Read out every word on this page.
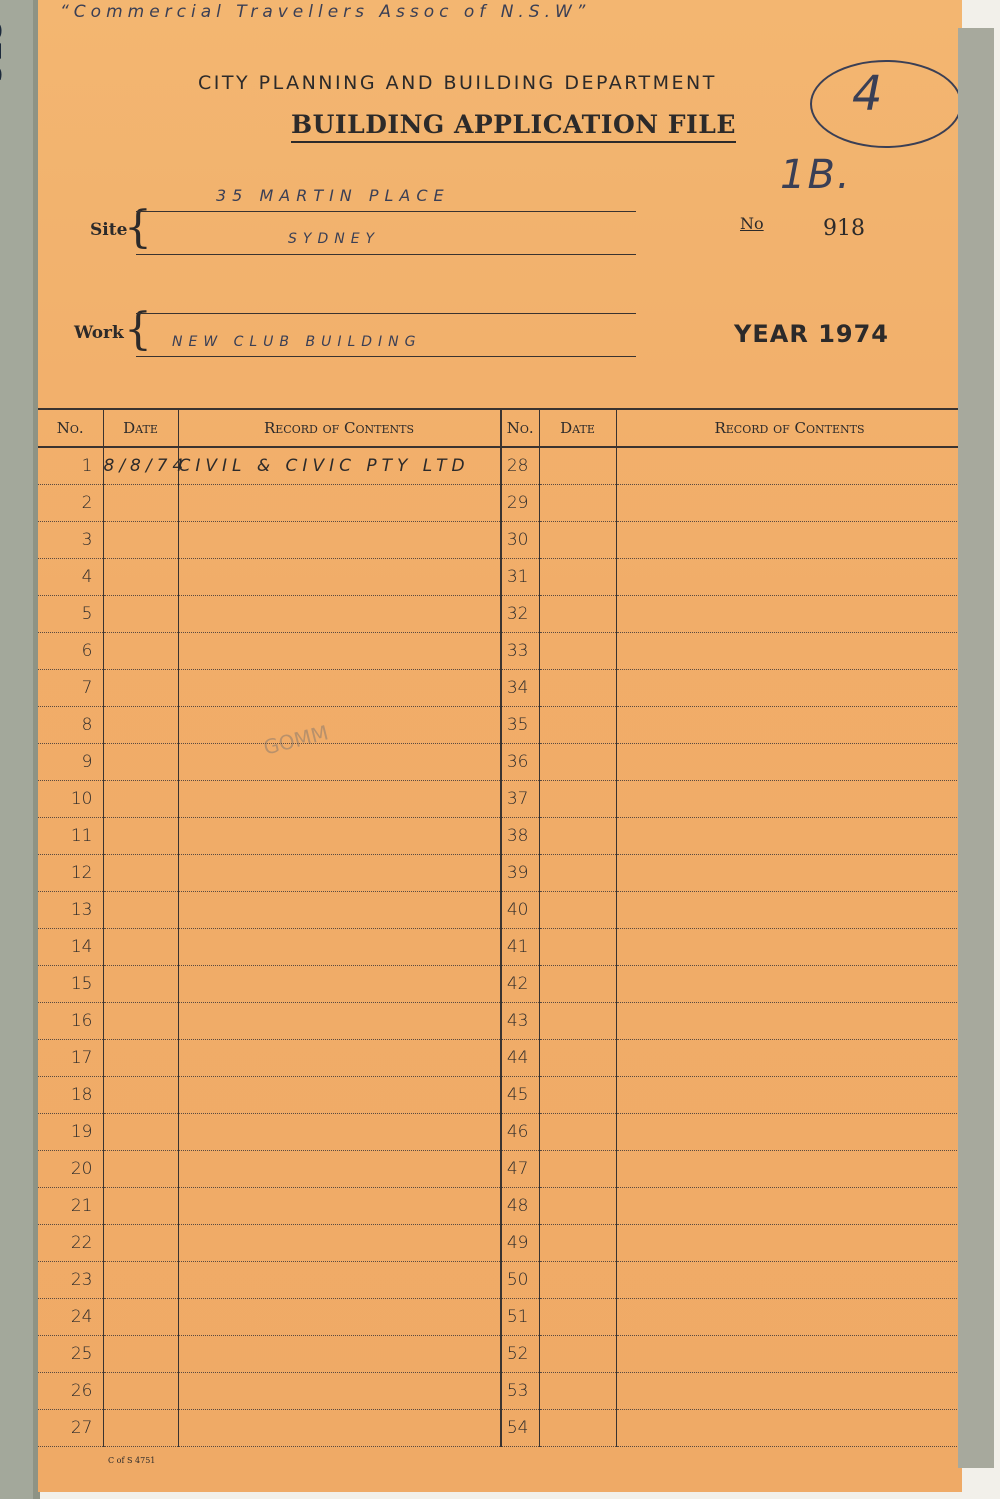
“Commercial Travellers Assoc of N.S.W”
CITY PLANNING AND BUILDING DEPARTMENT
BUILDING APPLICATION FILE
4
1B.
Site
{
35 MARTIN PLACE
SYDNEY
Work { NEW CLUB BUILDING
$^{No}$	918
YEAR 1974
GOMM
No.	Date	Record of Contents
1	8/8/74	CIVIL & CIVIC PTY LTD
2		
3		
4		
5		
6		
7		
8		
9		
10		
11		
12		
13		
14		
15		
16		
17		
18		
19		
20		
21		
22		
23		
24		
25		
26		
27		
No.	Date	Record of Contents
28		
29		
30		
31		
32		
33		
34		
35		
36		
37		
38		
39		
40		
41		
42		
43		
44		
45		
46		
47		
48		
49		
50		
51		
52		
53		
54		
C of S 4751
